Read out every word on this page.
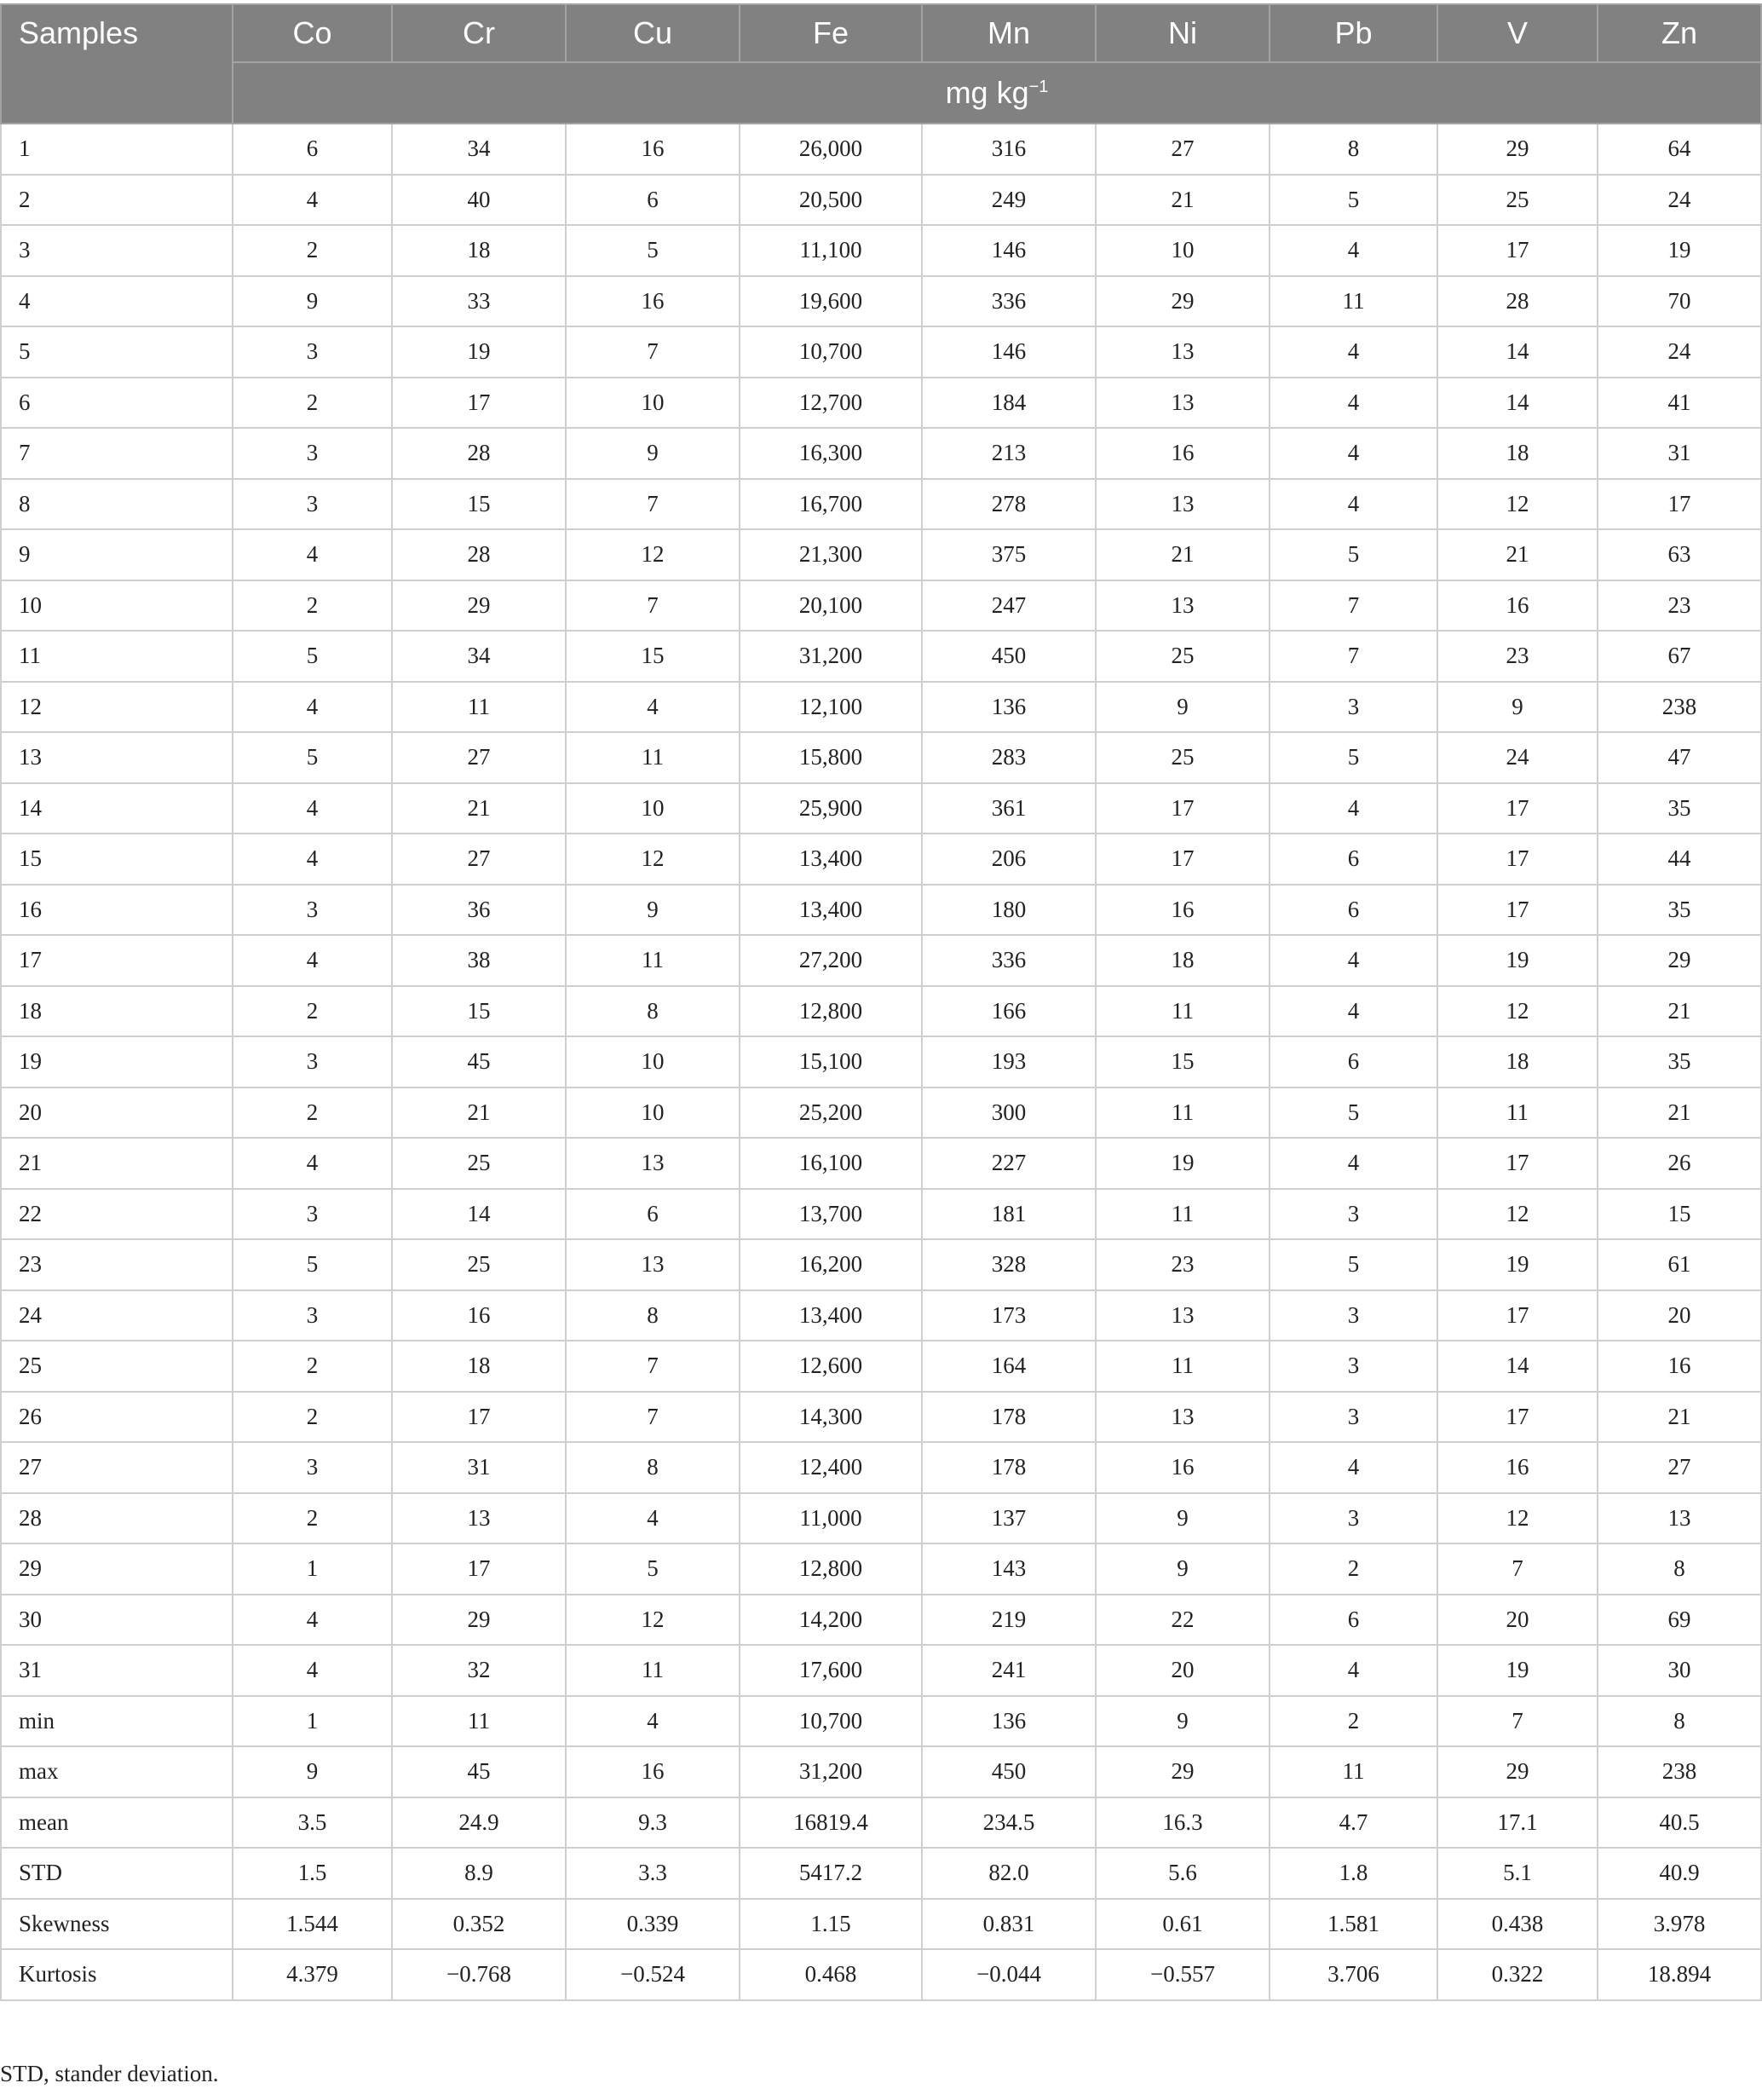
Samples	Co	Cr	Cu	Fe	Mn	Ni	Pb	V	Zn
	mg $kg^{-1}$
1	6	34	16	26,000	316	27	8	29	64
2	4	40	6	20,500	249	21	5	25	24
3	2	18	5	11,100	146	10	4	17	19
4	9	33	16	19,600	336	29	11	28	70
5	3	19	7	10,700	146	13	4	14	24
6	2	17	10	12,700	184	13	4	14	41
7	3	28	9	16,300	213	16	4	18	31
8	3	15	7	16,700	278	13	4	12	17
9	4	28	12	21,300	375	21	5	21	63
10	2	29	7	20,100	247	13	7	16	23
11	5	34	15	31,200	450	25	7	23	67
12	4	11	4	12,100	136	9	3	9	238
13	5	27	11	15,800	283	25	5	24	47
14	4	21	10	25,900	361	17	4	17	35
15	4	27	12	13,400	206	17	6	17	44
16	3	36	9	13,400	180	16	6	17	35
17	4	38	11	27,200	336	18	4	19	29
18	2	15	8	12,800	166	11	4	12	21
19	3	45	10	15,100	193	15	6	18	35
20	2	21	10	25,200	300	11	5	11	21
21	4	25	13	16,100	227	19	4	17	26
22	3	14	6	13,700	181	11	3	12	15
23	5	25	13	16,200	328	23	5	19	61
24	3	16	8	13,400	173	13	3	17	20
25	2	18	7	12,600	164	11	3	14	16
26	2	17	7	14,300	178	13	3	17	21
27	3	31	8	12,400	178	16	4	16	27
28	2	13	4	11,000	137	9	3	12	13
29	1	17	5	12,800	143	9	2	7	8
30	4	29	12	14,200	219	22	6	20	69
31	4	32	11	17,600	241	20	4	19	30
min	1	11	4	10,700	136	9	2	7	8
max	9	45	16	31,200	450	29	11	29	238
mean	3.5	24.9	9.3	16819.4	234.5	16.3	4.7	17.1	40.5
STD	1.5	8.9	3.3	5417.2	82.0	5.6	1.8	5.1	40.9
Skewness	1.544	0.352	0.339	1.15	0.831	0.61	1.581	0.438	3.978
Kurtosis	4.379	−0.768	−0.524	0.468	−0.044	−0.557	3.706	0.322	18.894
STD, stander deviation.
